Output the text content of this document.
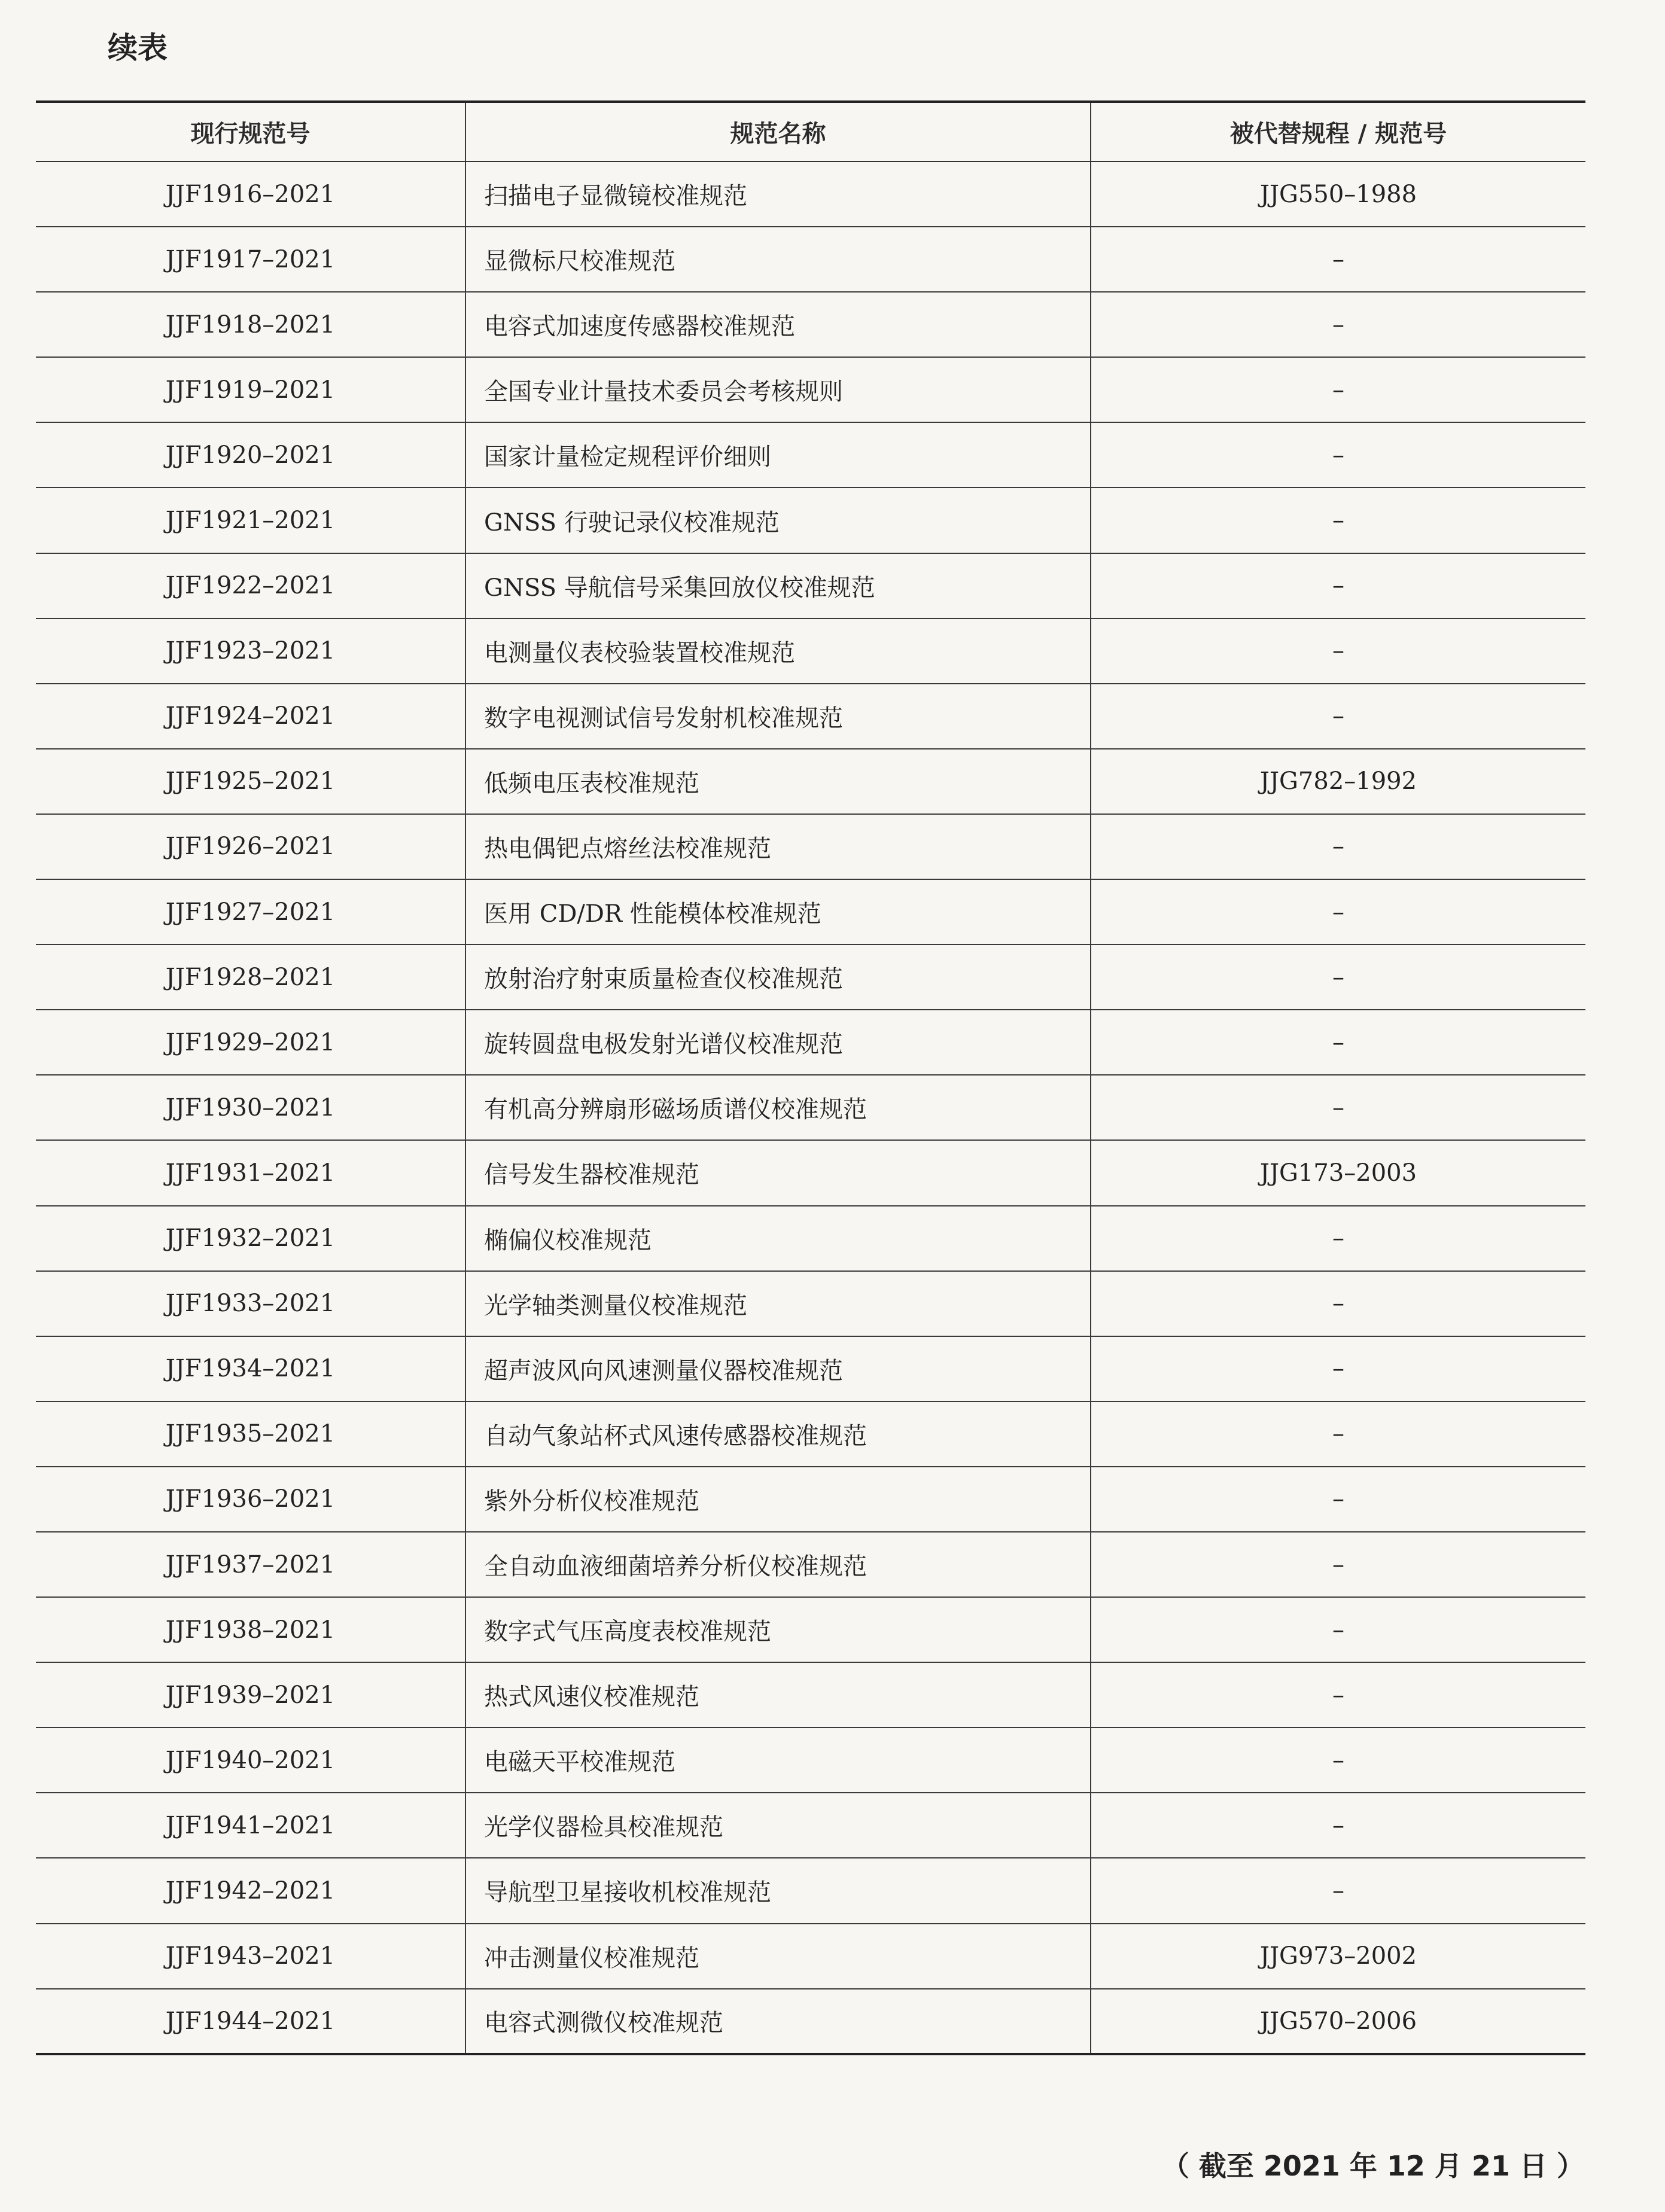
续表
现行规范号	规范名称	被代替规程 / 规范号
JJF1916–2021	扫描电子显微镜校准规范	JJG550–1988
JJF1917–2021	显微标尺校准规范	–
JJF1918–2021	电容式加速度传感器校准规范	–
JJF1919–2021	全国专业计量技术委员会考核规则	–
JJF1920–2021	国家计量检定规程评价细则	–
JJF1921–2021	GNSS 行驶记录仪校准规范	–
JJF1922–2021	GNSS 导航信号采集回放仪校准规范	–
JJF1923–2021	电测量仪表校验装置校准规范	–
JJF1924–2021	数字电视测试信号发射机校准规范	–
JJF1925–2021	低频电压表校准规范	JJG782–1992
JJF1926–2021	热电偶钯点熔丝法校准规范	–
JJF1927–2021	医用 CD/DR 性能模体校准规范	–
JJF1928–2021	放射治疗射束质量检查仪校准规范	–
JJF1929–2021	旋转圆盘电极发射光谱仪校准规范	–
JJF1930–2021	有机高分辨扇形磁场质谱仪校准规范	–
JJF1931–2021	信号发生器校准规范	JJG173–2003
JJF1932–2021	椭偏仪校准规范	–
JJF1933–2021	光学轴类测量仪校准规范	–
JJF1934–2021	超声波风向风速测量仪器校准规范	–
JJF1935–2021	自动气象站杯式风速传感器校准规范	–
JJF1936–2021	紫外分析仪校准规范	–
JJF1937–2021	全自动血液细菌培养分析仪校准规范	–
JJF1938–2021	数字式气压高度表校准规范	–
JJF1939–2021	热式风速仪校准规范	–
JJF1940–2021	电磁天平校准规范	–
JJF1941–2021	光学仪器检具校准规范	–
JJF1942–2021	导航型卫星接收机校准规范	–
JJF1943–2021	冲击测量仪校准规范	JJG973–2002
JJF1944–2021	电容式测微仪校准规范	JJG570–2006
（ 截至 2021 年 12 月 21 日 ）
